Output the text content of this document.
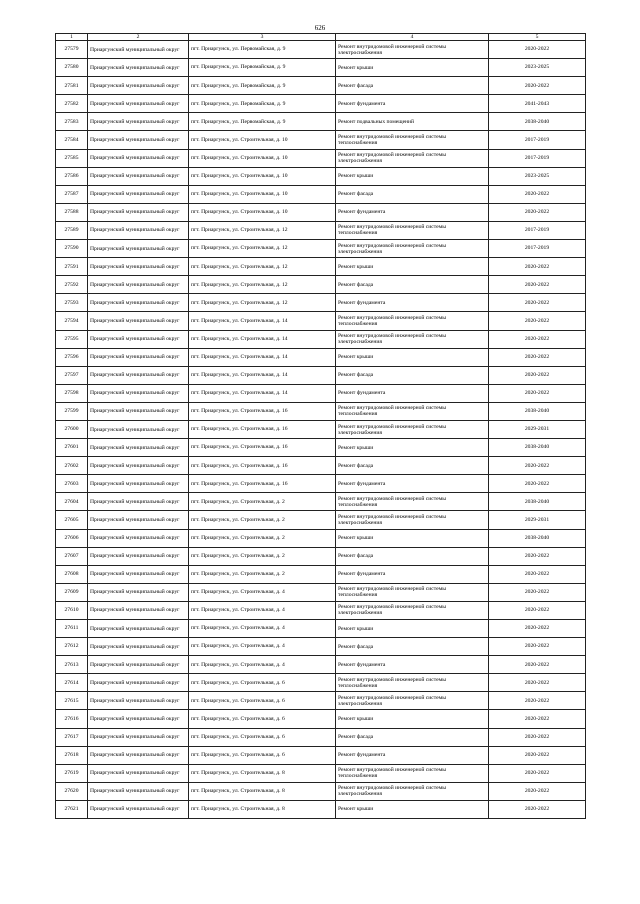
626
1	2	3	4	5
27579	Приаргунский муниципальный округ	пгт. Приаргунск, ул. Первомайская, д. 9	Ремонт внутридомовой инженерной системы электроснабжения	2020-2022
27580	Приаргунский муниципальный округ	пгт. Приаргунск, ул. Первомайская, д. 9	Ремонт крыши	2023-2025
27581	Приаргунский муниципальный округ	пгт. Приаргунск, ул. Первомайская, д. 9	Ремонт фасада	2020-2022
27582	Приаргунский муниципальный округ	пгт. Приаргунск, ул. Первомайская, д. 9	Ремонт фундамента	2041-2043
27583	Приаргунский муниципальный округ	пгт. Приаргунск, ул. Первомайская, д. 9	Ремонт подвальных помещений	2038-2040
27584	Приаргунский муниципальный округ	пгт. Приаргунск, ул. Строительная, д. 10	Ремонт внутридомовой инженерной системы теплоснабжения	2017-2019
27585	Приаргунский муниципальный округ	пгт. Приаргунск, ул. Строительная, д. 10	Ремонт внутридомовой инженерной системы электроснабжения	2017-2019
27586	Приаргунский муниципальный округ	пгт. Приаргунск, ул. Строительная, д. 10	Ремонт крыши	2023-2025
27587	Приаргунский муниципальный округ	пгт. Приаргунск, ул. Строительная, д. 10	Ремонт фасада	2020-2022
27588	Приаргунский муниципальный округ	пгт. Приаргунск, ул. Строительная, д. 10	Ремонт фундамента	2020-2022
27589	Приаргунский муниципальный округ	пгт. Приаргунск, ул. Строительная, д. 12	Ремонт внутридомовой инженерной системы теплоснабжения	2017-2019
27590	Приаргунский муниципальный округ	пгт. Приаргунск, ул. Строительная, д. 12	Ремонт внутридомовой инженерной системы электроснабжения	2017-2019
27591	Приаргунский муниципальный округ	пгт. Приаргунск, ул. Строительная, д. 12	Ремонт крыши	2020-2022
27592	Приаргунский муниципальный округ	пгт. Приаргунск, ул. Строительная, д. 12	Ремонт фасада	2020-2022
27593	Приаргунский муниципальный округ	пгт. Приаргунск, ул. Строительная, д. 12	Ремонт фундамента	2020-2022
27594	Приаргунский муниципальный округ	пгт. Приаргунск, ул. Строительная, д. 14	Ремонт внутридомовой инженерной системы теплоснабжения	2020-2022
27595	Приаргунский муниципальный округ	пгт. Приаргунск, ул. Строительная, д. 14	Ремонт внутридомовой инженерной системы электроснабжения	2020-2022
27596	Приаргунский муниципальный округ	пгт. Приаргунск, ул. Строительная, д. 14	Ремонт крыши	2020-2022
27597	Приаргунский муниципальный округ	пгт. Приаргунск, ул. Строительная, д. 14	Ремонт фасада	2020-2022
27598	Приаргунский муниципальный округ	пгт. Приаргунск, ул. Строительная, д. 14	Ремонт фундамента	2020-2022
27599	Приаргунский муниципальный округ	пгт. Приаргунск, ул. Строительная, д. 16	Ремонт внутридомовой инженерной системы теплоснабжения	2038-2040
27600	Приаргунский муниципальный округ	пгт. Приаргунск, ул. Строительная, д. 16	Ремонт внутридомовой инженерной системы электроснабжения	2029-2031
27601	Приаргунский муниципальный округ	пгт. Приаргунск, ул. Строительная, д. 16	Ремонт крыши	2038-2040
27602	Приаргунский муниципальный округ	пгт. Приаргунск, ул. Строительная, д. 16	Ремонт фасада	2020-2022
27603	Приаргунский муниципальный округ	пгт. Приаргунск, ул. Строительная, д. 16	Ремонт фундамента	2020-2022
27604	Приаргунский муниципальный округ	пгт. Приаргунск, ул. Строительная, д. 2	Ремонт внутридомовой инженерной системы теплоснабжения	2038-2040
27605	Приаргунский муниципальный округ	пгт. Приаргунск, ул. Строительная, д. 2	Ремонт внутридомовой инженерной системы электроснабжения	2029-2031
27606	Приаргунский муниципальный округ	пгт. Приаргунск, ул. Строительная, д. 2	Ремонт крыши	2038-2040
27607	Приаргунский муниципальный округ	пгт. Приаргунск, ул. Строительная, д. 2	Ремонт фасада	2020-2022
27608	Приаргунский муниципальный округ	пгт. Приаргунск, ул. Строительная, д. 2	Ремонт фундамента	2020-2022
27609	Приаргунский муниципальный округ	пгт. Приаргунск, ул. Строительная, д. 4	Ремонт внутридомовой инженерной системы теплоснабжения	2020-2022
27610	Приаргунский муниципальный округ	пгт. Приаргунск, ул. Строительная, д. 4	Ремонт внутридомовой инженерной системы электроснабжения	2020-2022
27611	Приаргунский муниципальный округ	пгт. Приаргунск, ул. Строительная, д. 4	Ремонт крыши	2020-2022
27612	Приаргунский муниципальный округ	пгт. Приаргунск, ул. Строительная, д. 4	Ремонт фасада	2020-2022
27613	Приаргунский муниципальный округ	пгт. Приаргунск, ул. Строительная, д. 4	Ремонт фундамента	2020-2022
27614	Приаргунский муниципальный округ	пгт. Приаргунск, ул. Строительная, д. 6	Ремонт внутридомовой инженерной системы теплоснабжения	2020-2022
27615	Приаргунский муниципальный округ	пгт. Приаргунск, ул. Строительная, д. 6	Ремонт внутридомовой инженерной системы электроснабжения	2020-2022
27616	Приаргунский муниципальный округ	пгт. Приаргунск, ул. Строительная, д. 6	Ремонт крыши	2020-2022
27617	Приаргунский муниципальный округ	пгт. Приаргунск, ул. Строительная, д. 6	Ремонт фасада	2020-2022
27618	Приаргунский муниципальный округ	пгт. Приаргунск, ул. Строительная, д. 6	Ремонт фундамента	2020-2022
27619	Приаргунский муниципальный округ	пгт. Приаргунск, ул. Строительная, д. 8	Ремонт внутридомовой инженерной системы теплоснабжения	2020-2022
27620	Приаргунский муниципальный округ	пгт. Приаргунск, ул. Строительная, д. 8	Ремонт внутридомовой инженерной системы электроснабжения	2020-2022
27621	Приаргунский муниципальный округ	пгт. Приаргунск, ул. Строительная, д. 8	Ремонт крыши	2020-2022
